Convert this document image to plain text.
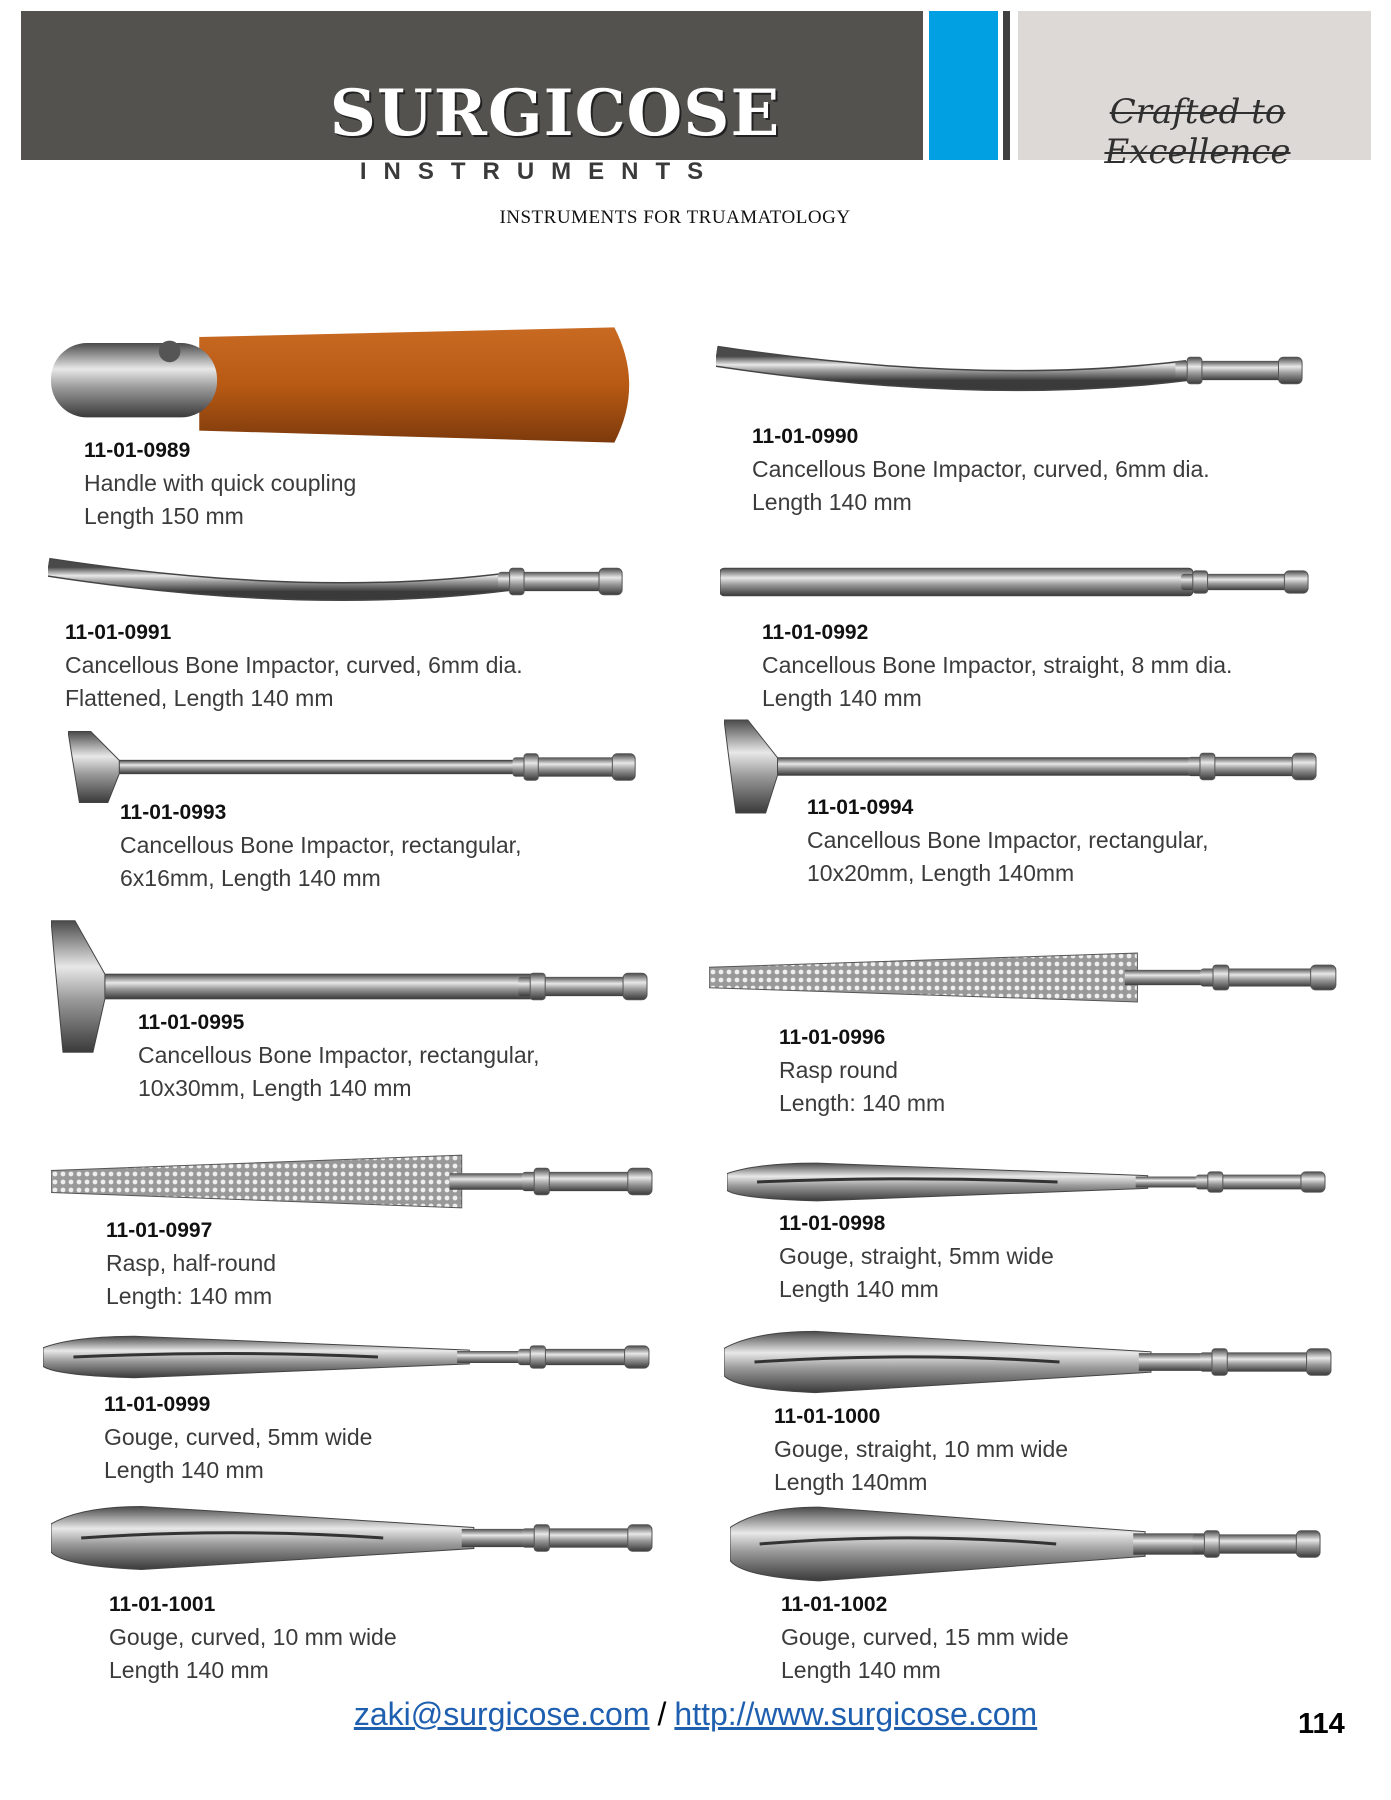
SURGICOSE
INSTRUMENTS
Crafted to Excellence
INSTRUMENTS FOR TRUAMATOLOGY
11-01-0989
Handle with quick coupling
Length 150 mm
11-01-0990
Cancellous Bone Impactor, curved, 6mm dia.
Length 140 mm
11-01-0991
Cancellous Bone Impactor, curved, 6mm dia.
Flattened, Length 140 mm
11-01-0992
Cancellous Bone Impactor, straight, 8 mm dia.
Length 140 mm
11-01-0993
Cancellous Bone Impactor, rectangular,
6x16mm, Length 140 mm
11-01-0994
Cancellous Bone Impactor, rectangular,
10x20mm, Length 140mm
11-01-0995
Cancellous Bone Impactor, rectangular,
10x30mm, Length 140 mm
11-01-0996
Rasp round
Length: 140 mm
11-01-0997
Rasp, half-round
Length: 140 mm
11-01-0998
Gouge, straight, 5mm wide
Length 140 mm
11-01-0999
Gouge, curved, 5mm wide
Length 140 mm
11-01-1000
Gouge, straight, 10 mm wide
Length 140mm
11-01-1001
Gouge, curved, 10 mm wide
Length 140 mm
11-01-1002
Gouge, curved, 15 mm wide
Length 140 mm
zaki@surgicose.com / http://www.surgicose.com	114
